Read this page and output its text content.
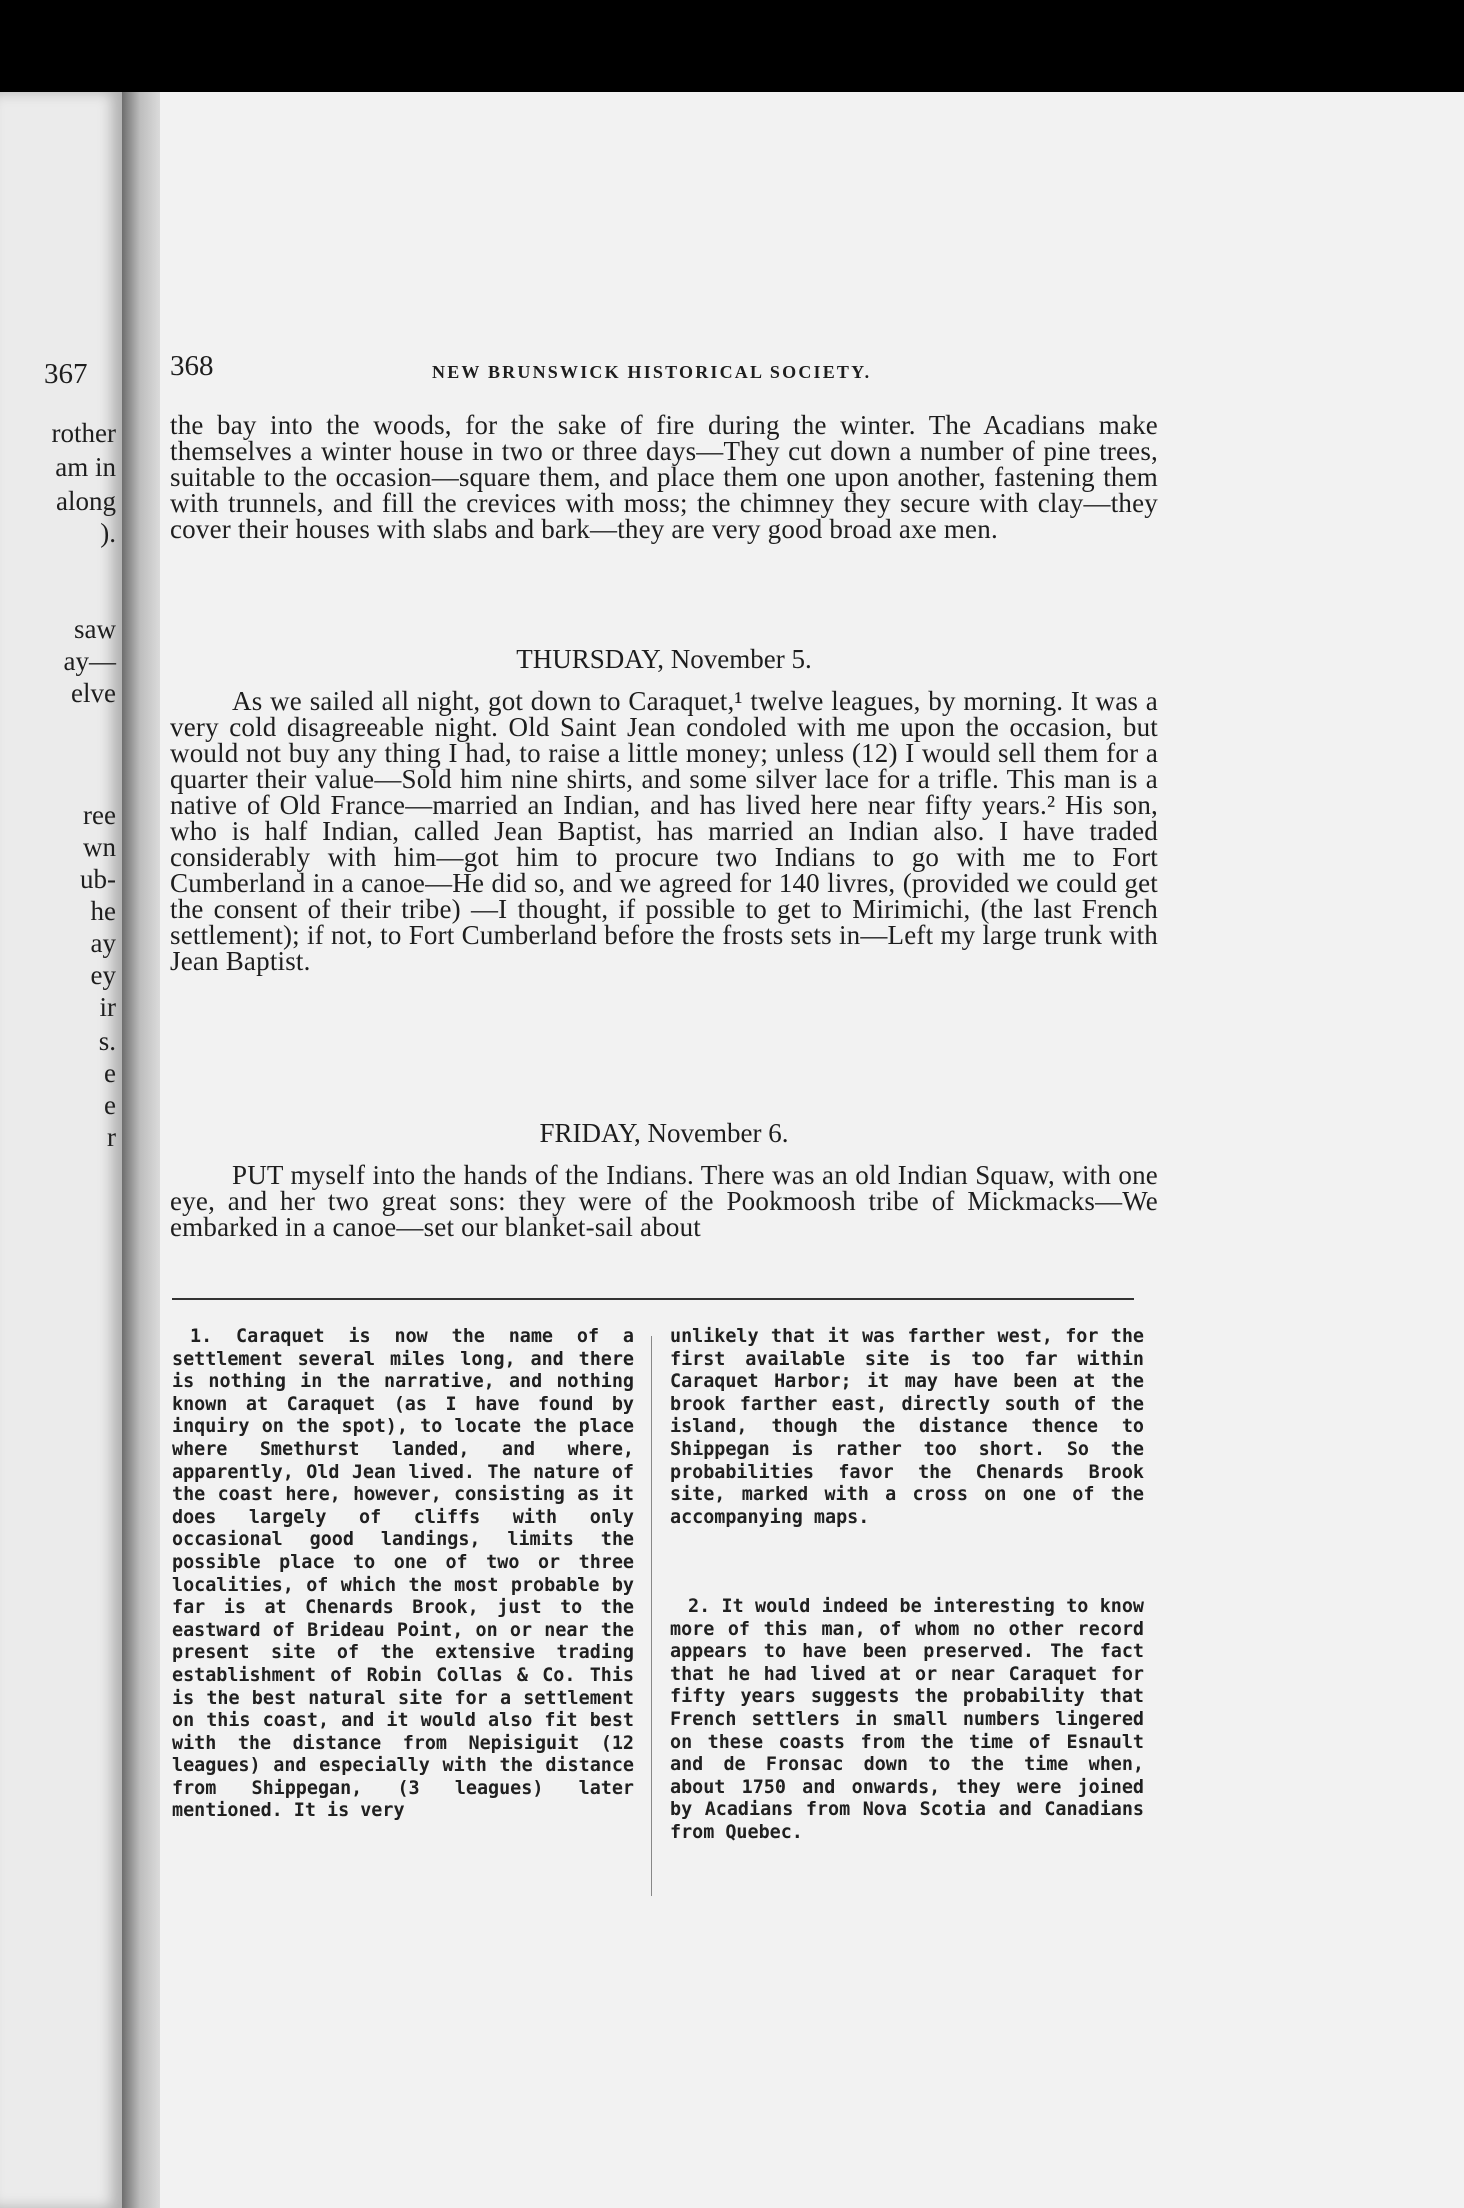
367

rother

am in

along

).

saw

ay—

elve

ree

wn

ub-

he

ay

ey

ir

s.

e

e

r

368	NEW BRUNSWICK HISTORICAL SOCIETY.

the bay into the woods, for the sake of fire during the winter. The Acadians make themselves a winter house in two or three days—They cut down a number of pine trees, suitable to the occasion—square them, and place them one upon another, fastening them with trunnels, and fill the crevices with moss; the chimney they secure with clay—they cover their houses with slabs and bark—they are very good broad axe men.

THURSDAY, November 5.

As we sailed all night, got down to Caraquet,¹ twelve leagues, by morning. It was a very cold disagreeable night. Old Saint Jean condoled with me upon the occasion, but would not buy any thing I had, to raise a little money; unless (12) I would sell them for a quarter their value—Sold him nine shirts, and some silver lace for a trifle. This man is a native of Old France—married an Indian, and has lived here near fifty years.² His son, who is half Indian, called Jean Baptist, has married an Indian also. I have traded considerably with him—got him to procure two Indians to go with me to Fort Cumberland in a canoe—He did so, and we agreed for 140 livres, (provided we could get the consent of their tribe) —I thought, if possible to get to Mirimichi, (the last French settlement); if not, to Fort Cumberland before the frosts sets in—Left my large trunk with Jean Baptist.

FRIDAY, November 6.

PUT myself into the hands of the Indians. There was an old Indian Squaw, with one eye, and her two great sons: they were of the Pookmoosh tribe of Mickmacks—We embarked in a canoe—set our blanket-sail about

1. Caraquet is now the name of a settlement several miles long, and there is nothing in the narrative, and nothing known at Caraquet (as I have found by inquiry on the spot), to locate the place where Smethurst landed, and where, apparently, Old Jean lived. The nature of the coast here, however, consisting as it does largely of cliffs with only occasional good landings, limits the possible place to one of two or three localities, of which the most probable by far is at Chenards Brook, just to the eastward of Brideau Point, on or near the present site of the extensive trading establishment of Robin Collas & Co. This is the best natural site for a settlement on this coast, and it would also fit best with the distance from Nepisiguit (12 leagues) and especially with the distance from Shippegan, (3 leagues) later mentioned. It is very

unlikely that it was farther west, for the first available site is too far within Caraquet Harbor; it may have been at the brook farther east, directly south of the island, though the distance thence to Shippegan is rather too short. So the probabilities favor the Chenards Brook site, marked with a cross on one of the accompanying maps.

2. It would indeed be interesting to know more of this man, of whom no other record appears to have been preserved. The fact that he had lived at or near Caraquet for fifty years suggests the probability that French settlers in small numbers lingered on these coasts from the time of Esnault and de Fronsac down to the time when, about 1750 and onwards, they were joined by Acadians from Nova Scotia and Canadians from Quebec.
